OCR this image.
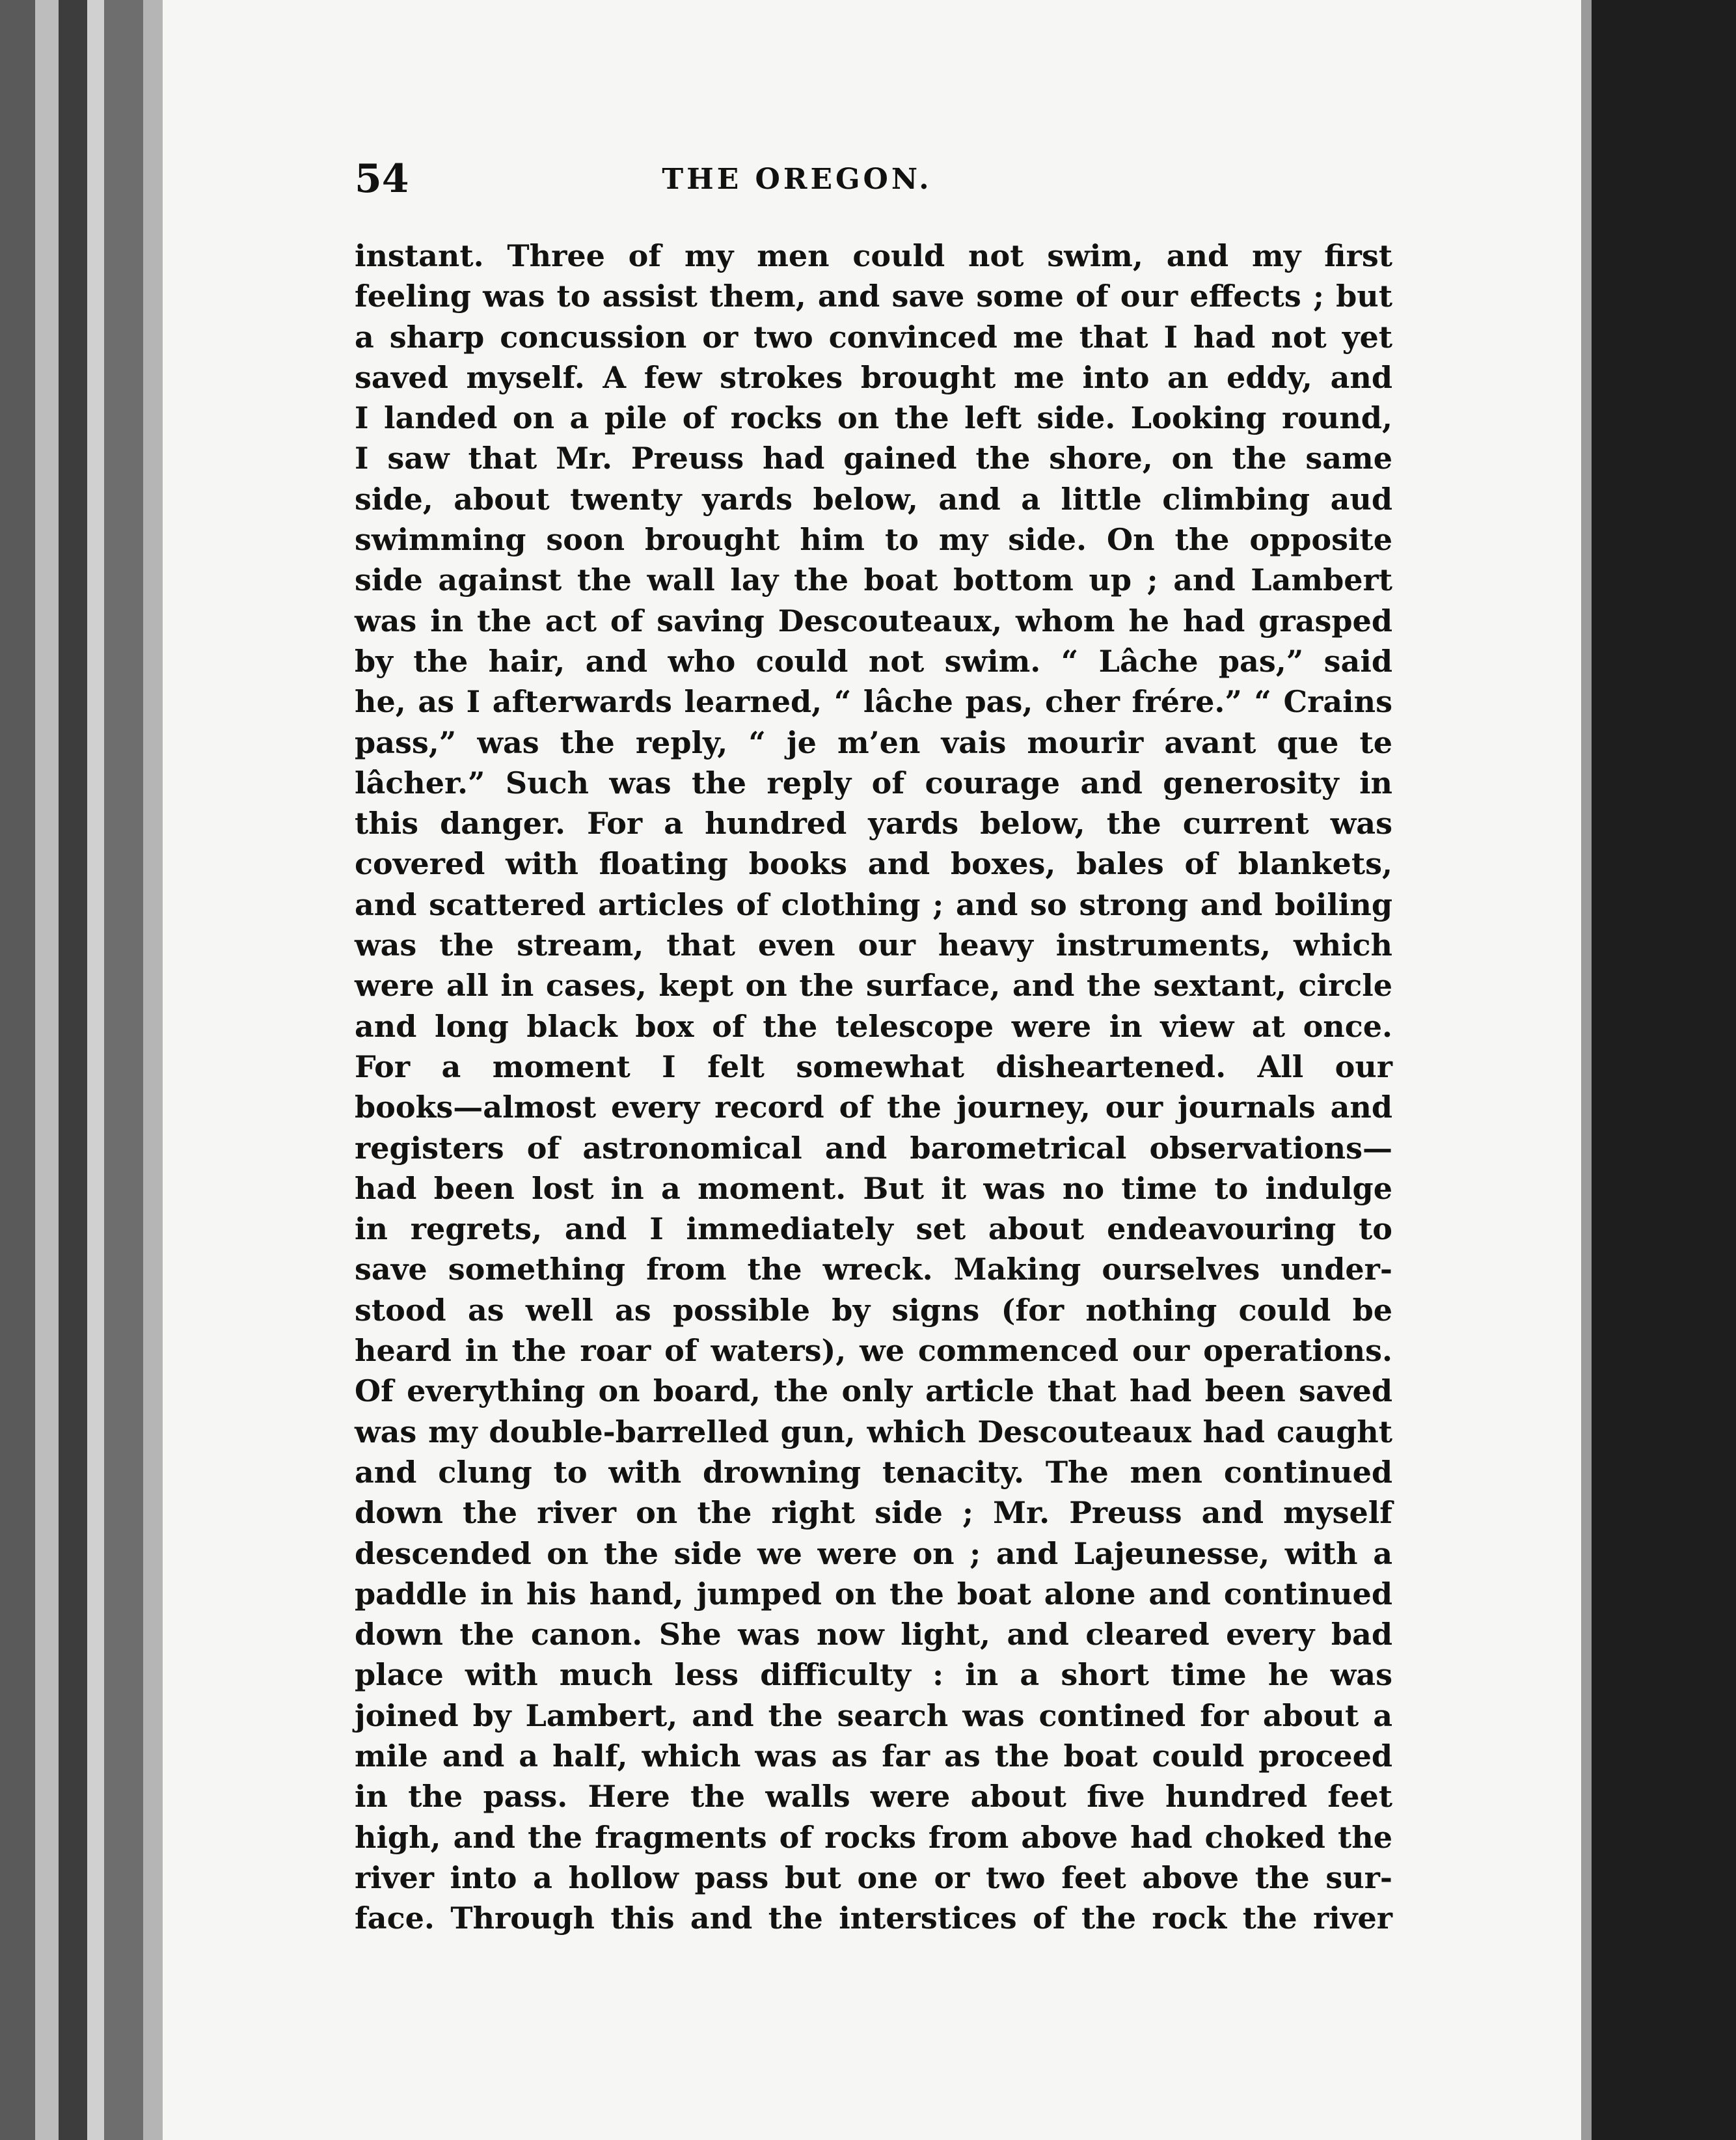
54	THE OREGON.
instant. Three of my men could not swim, and my first
feeling was to assist them, and save some of our effects ; but
a sharp concussion or two convinced me that I had not yet
saved myself. A few strokes brought me into an eddy, and
I landed on a pile of rocks on the left side. Looking round,
I saw that Mr. Preuss had gained the shore, on the same
side, about twenty yards below, and a little climbing aud
swimming soon brought him to my side. On the opposite
side against the wall lay the boat bottom up ; and Lambert
was in the act of saving Descouteaux, whom he had grasped
by the hair, and who could not swim. “ Lâche pas,” said
he, as I afterwards learned, “ lâche pas, cher frére.” “ Crains
pass,” was the reply, “ je m’en vais mourir avant que te
lâcher.” Such was the reply of courage and generosity in
this danger. For a hundred yards below, the current was
covered with floating books and boxes, bales of blankets,
and scattered articles of clothing ; and so strong and boiling
was the stream, that even our heavy instruments, which
were all in cases, kept on the surface, and the sextant, circle
and long black box of the telescope were in view at once.
For a moment I felt somewhat disheartened. All our
books—almost every record of the journey, our journals and
registers of astronomical and barometrical observations—
had been lost in a moment. But it was no time to indulge
in regrets, and I immediately set about endeavouring to
save something from the wreck. Making ourselves under-
stood as well as possible by signs (for nothing could be
heard in the roar of waters), we commenced our operations.
Of everything on board, the only article that had been saved
was my double-barrelled gun, which Descouteaux had caught
and clung to with drowning tenacity. The men continued
down the river on the right side ; Mr. Preuss and myself
descended on the side we were on ; and Lajeunesse, with a
paddle in his hand, jumped on the boat alone and continued
down the canon. She was now light, and cleared every bad
place with much less difficulty : in a short time he was
joined by Lambert, and the search was contined for about a
mile and a half, which was as far as the boat could proceed
in the pass. Here the walls were about five hundred feet
high, and the fragments of rocks from above had choked the
river into a hollow pass but one or two feet above the sur-
face. Through this and the interstices of the rock the river
